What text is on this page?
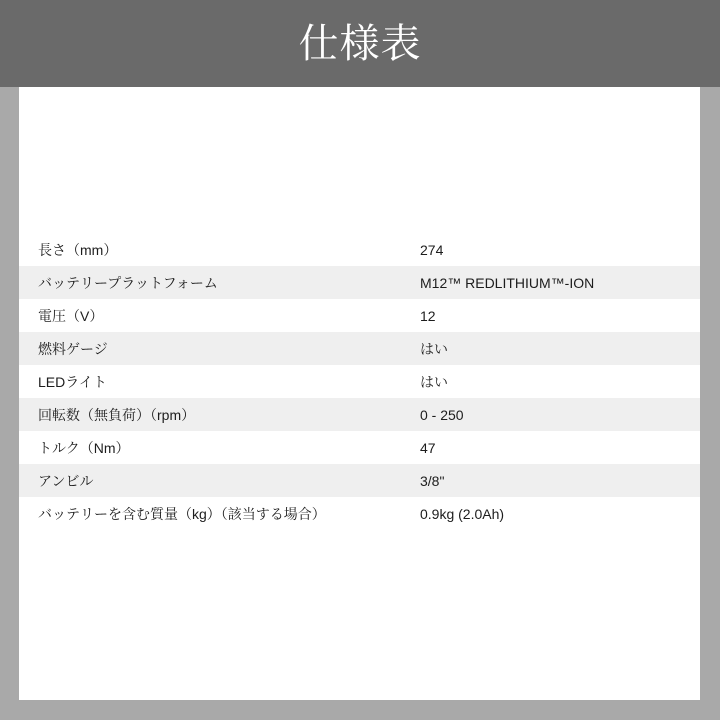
仕様表
長さ（mm）	274
バッテリープラットフォーム	M12™ REDLITHIUM™-ION
電圧（V）	12
燃料ゲージ	はい
LEDライト	はい
回転数（無負荷）（rpm）	0 - 250
トルク（Nm）	47
アンビル	3/8"
バッテリーを含む質量（kg）（該当する場合）	0.9kg (2.0Ah)
